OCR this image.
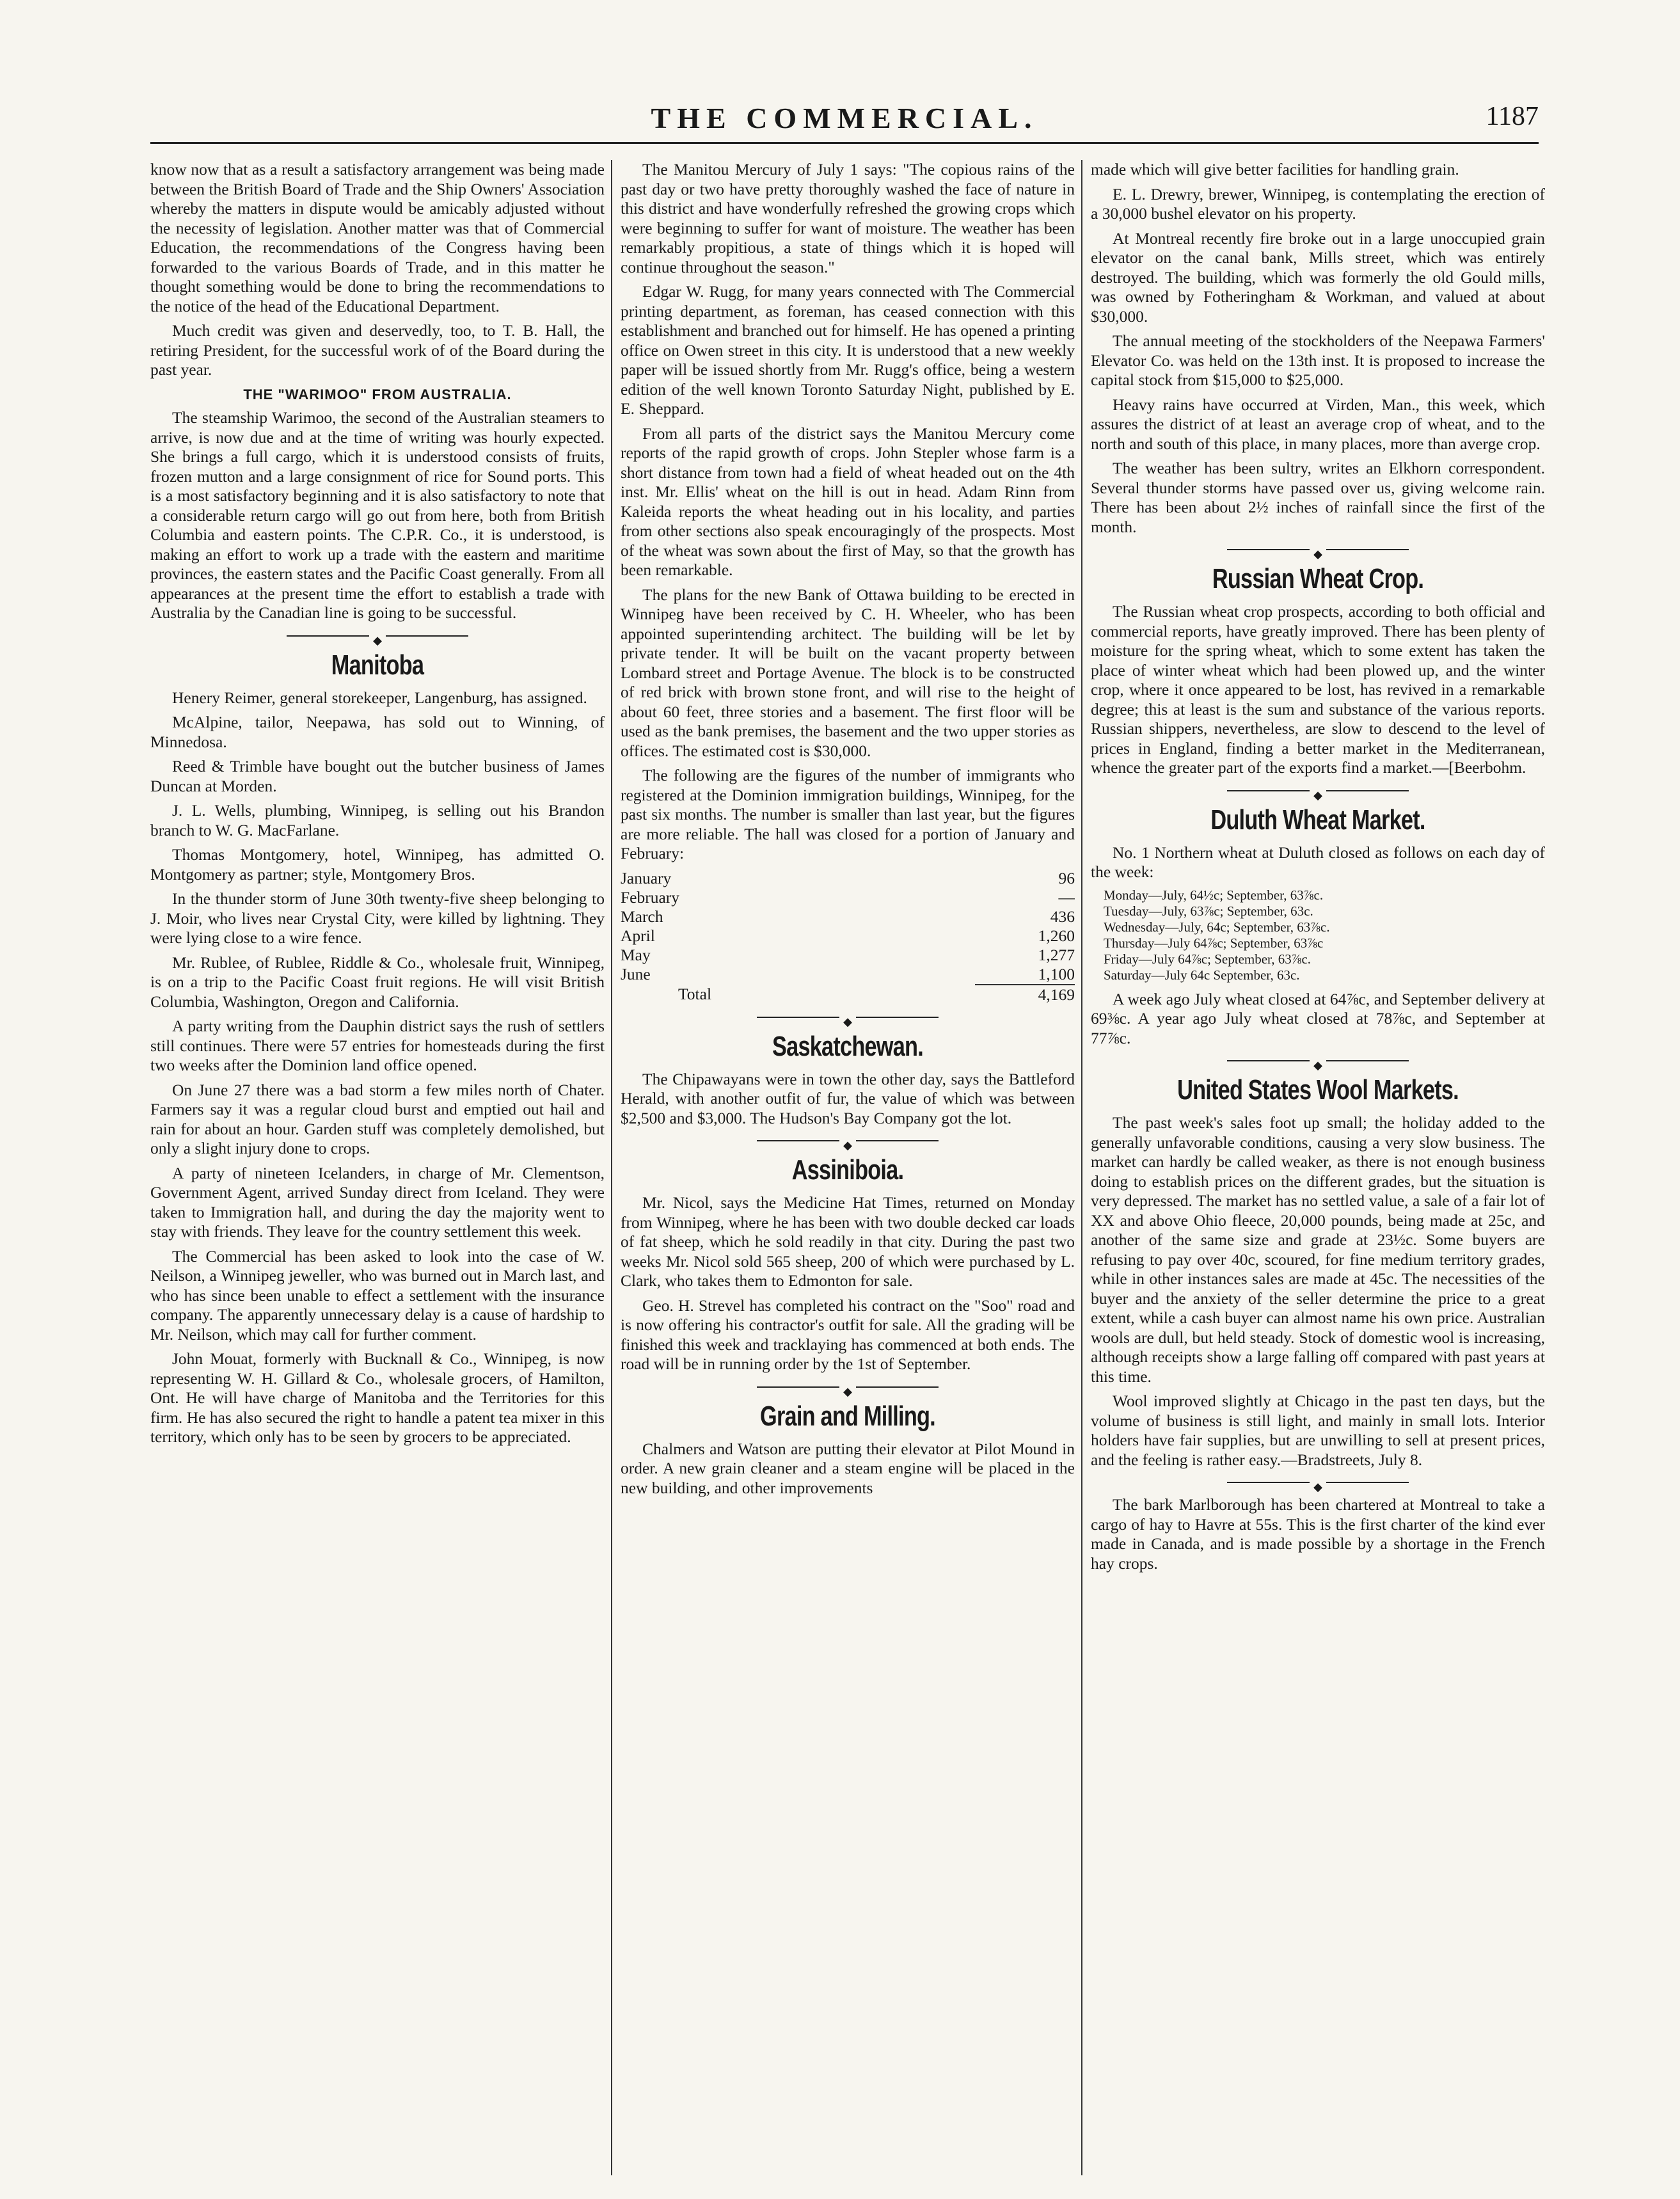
THE COMMERCIAL.	1187

know now that as a result a satisfactory arrangement was being made between the British Board of Trade and the Ship Owners' Association whereby the matters in dispute would be amicably adjusted without the necessity of legislation. Another matter was that of Commercial Education, the recommendations of the Congress having been forwarded to the various Boards of Trade, and in this matter he thought something would be done to bring the recommendations to the notice of the head of the Educational Department.

Much credit was given and deservedly, too, to T. B. Hall, the retiring President, for the successful work of of the Board during the past year.

THE "WARIMOO" FROM AUSTRALIA.

The steamship Warimoo, the second of the Australian steamers to arrive, is now due and at the time of writing was hourly expected. She brings a full cargo, which it is understood consists of fruits, frozen mutton and a large consignment of rice for Sound ports. This is a most satisfactory beginning and it is also satisfactory to note that a considerable return cargo will go out from here, both from British Columbia and eastern points. The C.P.R. Co., it is understood, is making an effort to work up a trade with the eastern and maritime provinces, the eastern states and the Pacific Coast generally. From all appearances at the present time the effort to establish a trade with Australia by the Canadian line is going to be successful.

◆
Manitoba

Henery Reimer, general storekeeper, Langenburg, has assigned.

McAlpine, tailor, Neepawa, has sold out to Winning, of Minnedosa.

Reed & Trimble have bought out the butcher business of James Duncan at Morden.

J. L. Wells, plumbing, Winnipeg, is selling out his Brandon branch to W. G. MacFarlane.

Thomas Montgomery, hotel, Winnipeg, has admitted O. Montgomery as partner; style, Montgomery Bros.

In the thunder storm of June 30th twenty-five sheep belonging to J. Moir, who lives near Crystal City, were killed by lightning. They were lying close to a wire fence.

Mr. Rublee, of Rublee, Riddle & Co., wholesale fruit, Winnipeg, is on a trip to the Pacific Coast fruit regions. He will visit British Columbia, Washington, Oregon and California.

A party writing from the Dauphin district says the rush of settlers still continues. There were 57 entries for homesteads during the first two weeks after the Dominion land office opened.

On June 27 there was a bad storm a few miles north of Chater. Farmers say it was a regular cloud burst and emptied out hail and rain for about an hour. Garden stuff was completely demolished, but only a slight injury done to crops.

A party of nineteen Icelanders, in charge of Mr. Clementson, Government Agent, arrived Sunday direct from Iceland. They were taken to Immigration hall, and during the day the majority went to stay with friends. They leave for the country settlement this week.

The Commercial has been asked to look into the case of W. Neilson, a Winnipeg jeweller, who was burned out in March last, and who has since been unable to effect a settlement with the insurance company. The apparently unnecessary delay is a cause of hardship to Mr. Neilson, which may call for further comment.

John Mouat, formerly with Bucknall & Co., Winnipeg, is now representing W. H. Gillard & Co., wholesale grocers, of Hamilton, Ont. He will have charge of Manitoba and the Territories for this firm. He has also secured the right to handle a patent tea mixer in this territory, which only has to be seen by grocers to be appreciated.

The Manitou Mercury of July 1 says: "The copious rains of the past day or two have pretty thoroughly washed the face of nature in this district and have wonderfully refreshed the growing crops which were beginning to suffer for want of moisture. The weather has been remarkably propitious, a state of things which it is hoped will continue throughout the season."

Edgar W. Rugg, for many years connected with The Commercial printing department, as foreman, has ceased connection with this establishment and branched out for himself. He has opened a printing office on Owen street in this city. It is understood that a new weekly paper will be issued shortly from Mr. Rugg's office, being a western edition of the well known Toronto Saturday Night, published by E. E. Sheppard.

From all parts of the district says the Manitou Mercury come reports of the rapid growth of crops. John Stepler whose farm is a short distance from town had a field of wheat headed out on the 4th inst. Mr. Ellis' wheat on the hill is out in head. Adam Rinn from Kaleida reports the wheat heading out in his locality, and parties from other sections also speak encouragingly of the prospects. Most of the wheat was sown about the first of May, so that the growth has been remarkable.

The plans for the new Bank of Ottawa building to be erected in Winnipeg have been received by C. H. Wheeler, who has been appointed superintending architect. The building will be let by private tender. It will be built on the vacant property between Lombard street and Portage Avenue. The block is to be constructed of red brick with brown stone front, and will rise to the height of about 60 feet, three stories and a basement. The first floor will be used as the bank premises, the basement and the two upper stories as offices. The estimated cost is $30,000.

The following are the figures of the number of immigrants who registered at the Dominion immigration buildings, Winnipeg, for the past six months. The number is smaller than last year, but the figures are more reliable. The hall was closed for a portion of January and February:

January	96
February	—
March	436
April	1,260
May	1,277
June	1,100
Total	4,169
◆
Saskatchewan.

The Chipawayans were in town the other day, says the Battleford Herald, with another outfit of fur, the value of which was between $2,500 and $3,000. The Hudson's Bay Company got the lot.

◆
Assiniboia.

Mr. Nicol, says the Medicine Hat Times, returned on Monday from Winnipeg, where he has been with two double decked car loads of fat sheep, which he sold readily in that city. During the past two weeks Mr. Nicol sold 565 sheep, 200 of which were purchased by L. Clark, who takes them to Edmonton for sale.

Geo. H. Strevel has completed his contract on the "Soo" road and is now offering his contractor's outfit for sale. All the grading will be finished this week and tracklaying has commenced at both ends. The road will be in running order by the 1st of September.

◆
Grain and Milling.

Chalmers and Watson are putting their elevator at Pilot Mound in order. A new grain cleaner and a steam engine will be placed in the new building, and other improvements

made which will give better facilities for handling grain.

E. L. Drewry, brewer, Winnipeg, is contemplating the erection of a 30,000 bushel elevator on his property.

At Montreal recently fire broke out in a large unoccupied grain elevator on the canal bank, Mills street, which was entirely destroyed. The building, which was formerly the old Gould mills, was owned by Fotheringham & Workman, and valued at about $30,000.

The annual meeting of the stockholders of the Neepawa Farmers' Elevator Co. was held on the 13th inst. It is proposed to increase the capital stock from $15,000 to $25,000.

Heavy rains have occurred at Virden, Man., this week, which assures the district of at least an average crop of wheat, and to the north and south of this place, in many places, more than averge crop.

The weather has been sultry, writes an Elkhorn correspondent. Several thunder storms have passed over us, giving welcome rain. There has been about 2½ inches of rainfall since the first of the month.

◆
Russian Wheat Crop.

The Russian wheat crop prospects, according to both official and commercial reports, have greatly improved. There has been plenty of moisture for the spring wheat, which to some extent has taken the place of winter wheat which had been plowed up, and the winter crop, where it once appeared to be lost, has revived in a remarkable degree; this at least is the sum and substance of the various reports. Russian shippers, nevertheless, are slow to descend to the level of prices in England, finding a better market in the Mediterranean, whence the greater part of the exports find a market.—[Beerbohm.

◆
Duluth Wheat Market.

No. 1 Northern wheat at Duluth closed as follows on each day of the week:

Monday—July, 64½c; September, 63⅞c.
Tuesday—July, 63⅞c; September, 63c.
Wednesday—July, 64c; September, 63⅞c.
Thursday—July 64⅞c; September, 63⅞c
Friday—July 64⅞c; September, 63⅞c.
Saturday—July 64c September, 63c.

A week ago July wheat closed at 64⅞c, and September delivery at 69⅜c. A year ago July wheat closed at 78⅞c, and September at 77⅞c.

◆
United States Wool Markets.

The past week's sales foot up small; the holiday added to the generally unfavorable conditions, causing a very slow business. The market can hardly be called weaker, as there is not enough business doing to establish prices on the different grades, but the situation is very depressed. The market has no settled value, a sale of a fair lot of XX and above Ohio fleece, 20,000 pounds, being made at 25c, and another of the same size and grade at 23½c. Some buyers are refusing to pay over 40c, scoured, for fine medium territory grades, while in other instances sales are made at 45c. The necessities of the buyer and the anxiety of the seller determine the price to a great extent, while a cash buyer can almost name his own price. Australian wools are dull, but held steady. Stock of domestic wool is increasing, although receipts show a large falling off compared with past years at this time.

Wool improved slightly at Chicago in the past ten days, but the volume of business is still light, and mainly in small lots. Interior holders have fair supplies, but are unwilling to sell at present prices, and the feeling is rather easy.—Bradstreets, July 8.

◆

The bark Marlborough has been chartered at Montreal to take a cargo of hay to Havre at 55s. This is the first charter of the kind ever made in Canada, and is made possible by a shortage in the French hay crops.
